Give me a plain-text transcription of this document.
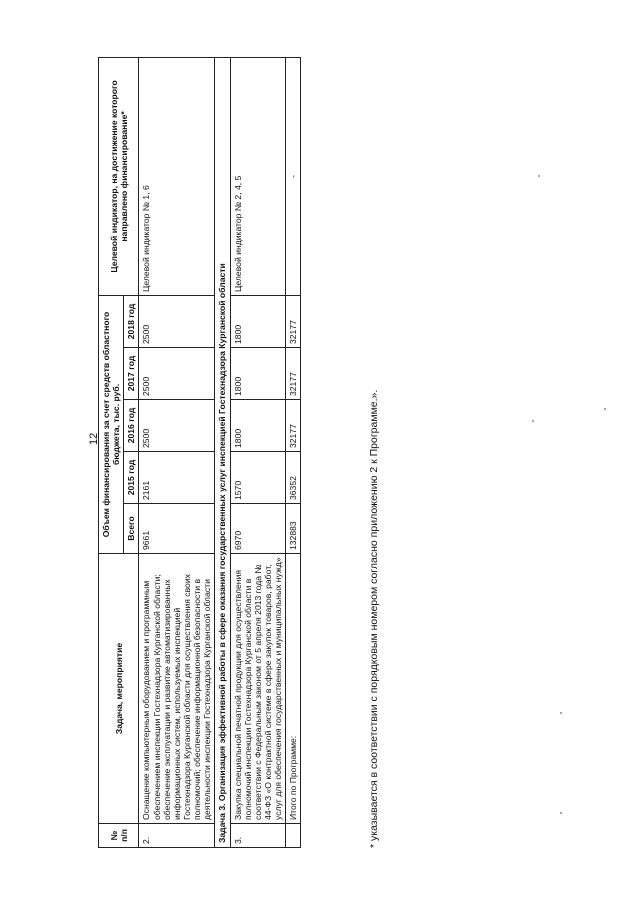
12
№ п/п	Задача, мероприятие	Объем финансирования за счет средств областного бюджета, тыс. руб.					Целевой индикатор, на достижение которого направлено финансирование*
		Всего	2015 год	2016 год	2017 год	2018 год	
2.	Оснащение компьютерным оборудованием и программным обеспечением инспекции Гостехнадзора Курганской области; обеспечение эксплуатации и развитие автоматизированных информационных систем, используемых инспекцией Гостехнадзора Курганской области для осуществления своих полномочий; обеспечение информационной безопасности в деятельности инспекции Гостехнадзора Курганской области	9661	2161	2500	2500	2500	Целевой индикатор № 1, 6
Задача 3. Организация эффективной работы в сфере оказания государственных услуг инспекцией Гостехнадзора Курганской области							
3.	Закупка специальной печатной продукции для осуществления полномочий инспекции Гостехнадзора Курганской области в соответствии с Федеральным законом от 5 апреля 2013 года № 44-ФЗ «О контрактной системе в сфере закупок товаров, работ, услуг для обеспечения государственных и муниципальных нужд»	6970	1570	1800	1800	1800	Целевой индикатор № 2, 4, 5
	Итого по Программе:	132883	36352	32177	32177	32177	-
* указывается в соответствии с порядковым номером согласно приложению 2 к Программе.».
